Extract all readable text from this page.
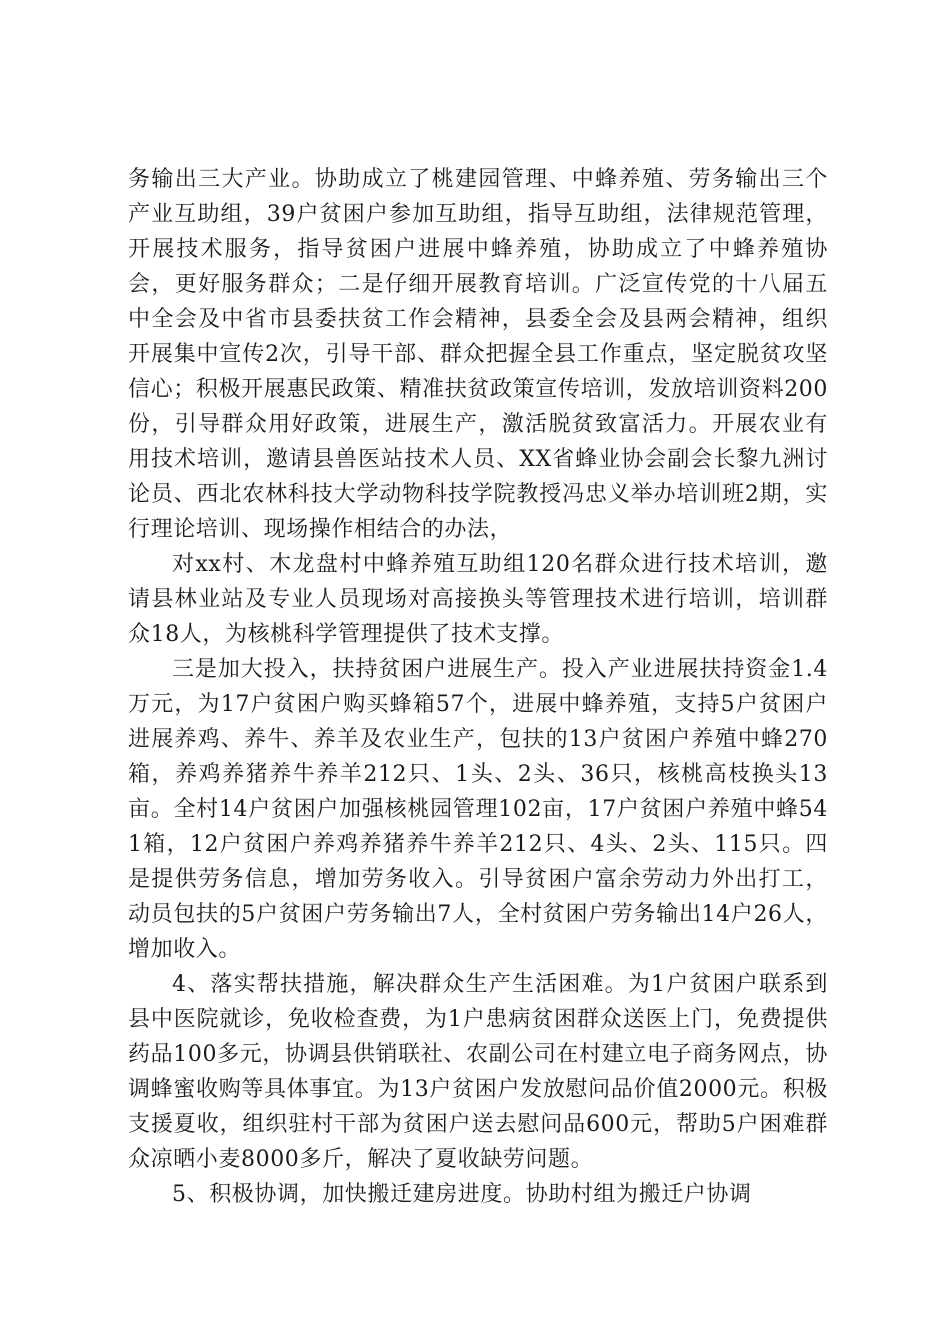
务输出三大产业。协助成立了桃建园管理、中蜂养殖、劳务输出三个产业互助组，39户贫困户参加互助组，指导互助组，法律规范管理，开展技术服务，指导贫困户进展中蜂养殖，协助成立了中蜂养殖协会，更好服务群众；二是仔细开展教育培训。广泛宣传党的十八届五中全会及中省市县委扶贫工作会精神，县委全会及县两会精神，组织开展集中宣传2次，引导干部、群众把握全县工作重点，坚定脱贫攻坚信心；积极开展惠民政策、精准扶贫政策宣传培训，发放培训资料200份，引导群众用好政策，进展生产，激活脱贫致富活力。开展农业有用技术培训，邀请县兽医站技术人员、XX省蜂业协会副会长黎九洲讨论员、西北农林科技大学动物科技学院教授冯忠义举办培训班2期，实行理论培训、现场操作相结合的办法，

对xx村、木龙盘村中蜂养殖互助组120名群众进行技术培训，邀请县林业站及专业人员现场对高接换头等管理技术进行培训，培训群众18人，为核桃科学管理提供了技术支撑。

三是加大投入，扶持贫困户进展生产。投入产业进展扶持资金1.4万元，为17户贫困户购买蜂箱57个，进展中蜂养殖，支持5户贫困户进展养鸡、养牛、养羊及农业生产，包扶的13户贫困户养殖中蜂270箱，养鸡养猪养牛养羊212只、1头、2头、36只，核桃高枝换头13亩。全村14户贫困户加强核桃园管理102亩，17户贫困户养殖中蜂541箱，12户贫困户养鸡养猪养牛养羊212只、4头、2头、115只。四是提供劳务信息，增加劳务收入。引导贫困户富余劳动力外出打工，动员包扶的5户贫困户劳务输出7人，全村贫困户劳务输出14户26人，增加收入。

4、落实帮扶措施，解决群众生产生活困难。为1户贫困户联系到县中医院就诊，免收检查费，为1户患病贫困群众送医上门，免费提供药品100多元，协调县供销联社、农副公司在村建立电子商务网点，协调蜂蜜收购等具体事宜。为13户贫困户发放慰问品价值2000元。积极支援夏收，组织驻村干部为贫困户送去慰问品600元，帮助5户困难群众凉晒小麦8000多斤，解决了夏收缺劳问题。

5、积极协调，加快搬迁建房进度。协助村组为搬迁户协调
